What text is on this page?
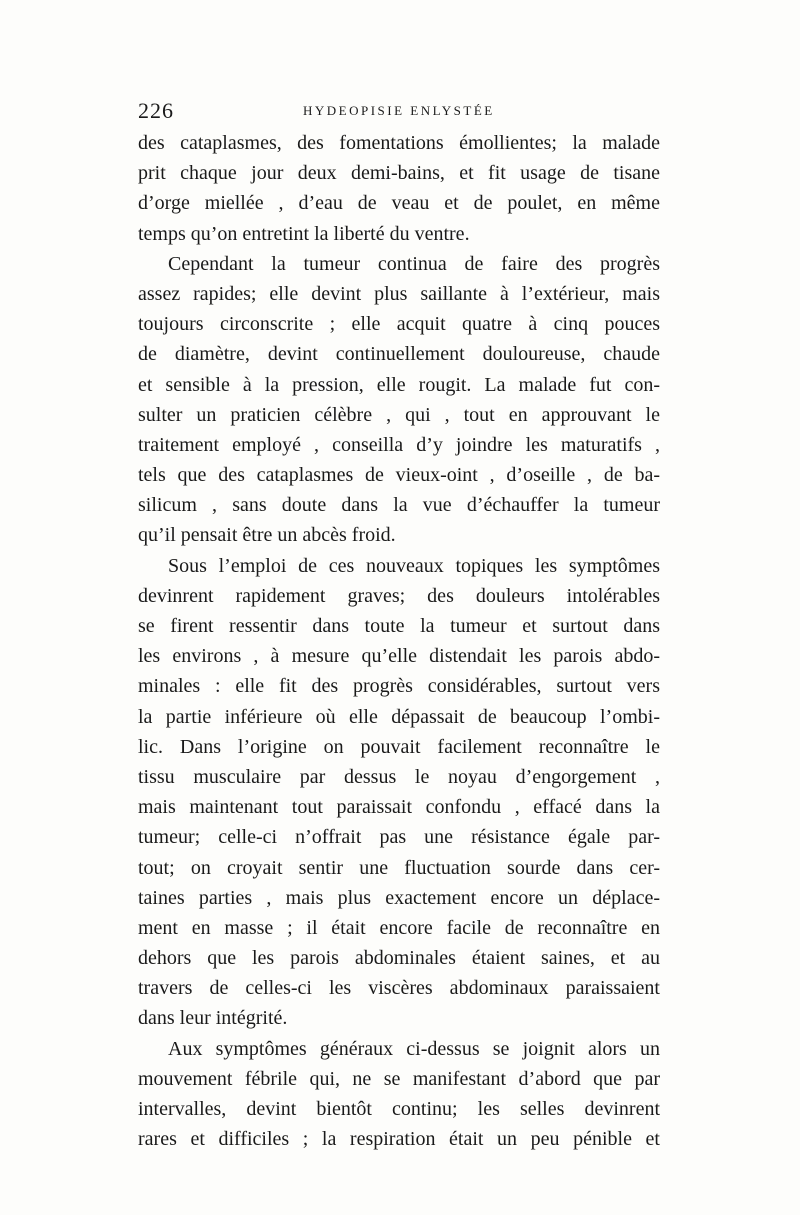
226	HYDEOPISIE ENLYSTÉE
des cataplasmes, des fomentations émollientes; la malade
prit chaque jour deux demi-bains, et fit usage de tisane
d’orge miellée , d’eau de veau et de poulet, en même
temps qu’on entretint la liberté du ventre.
Cependant la tumeur continua de faire des progrès
assez rapides; elle devint plus saillante à l’extérieur, mais
toujours circonscrite ; elle acquit quatre à cinq pouces
de diamètre, devint continuellement douloureuse, chaude
et sensible à la pression, elle rougit. La malade fut con-
sulter un praticien célèbre , qui , tout en approuvant le
traitement employé , conseilla d’y joindre les maturatifs ,
tels que des cataplasmes de vieux-oint , d’oseille , de ba-
silicum , sans doute dans la vue d’échauffer la tumeur
qu’il pensait être un abcès froid.
Sous l’emploi de ces nouveaux topiques les symptômes
devinrent rapidement graves; des douleurs intolérables
se firent ressentir dans toute la tumeur et surtout dans
les environs , à mesure qu’elle distendait les parois abdo-
minales : elle fit des progrès considérables, surtout vers
la partie inférieure où elle dépassait de beaucoup l’ombi-
lic. Dans l’origine on pouvait facilement reconnaître le
tissu musculaire par dessus le noyau d’engorgement ,
mais maintenant tout paraissait confondu , effacé dans la
tumeur; celle-ci n’offrait pas une résistance égale par-
tout; on croyait sentir une fluctuation sourde dans cer-
taines parties , mais plus exactement encore un déplace-
ment en masse ; il était encore facile de reconnaître en
dehors que les parois abdominales étaient saines, et au
travers de celles-ci les viscères abdominaux paraissaient
dans leur intégrité.
Aux symptômes généraux ci-dessus se joignit alors un
mouvement fébrile qui, ne se manifestant d’abord que par
intervalles, devint bientôt continu; les selles devinrent
rares et difficiles ; la respiration était un peu pénible et
